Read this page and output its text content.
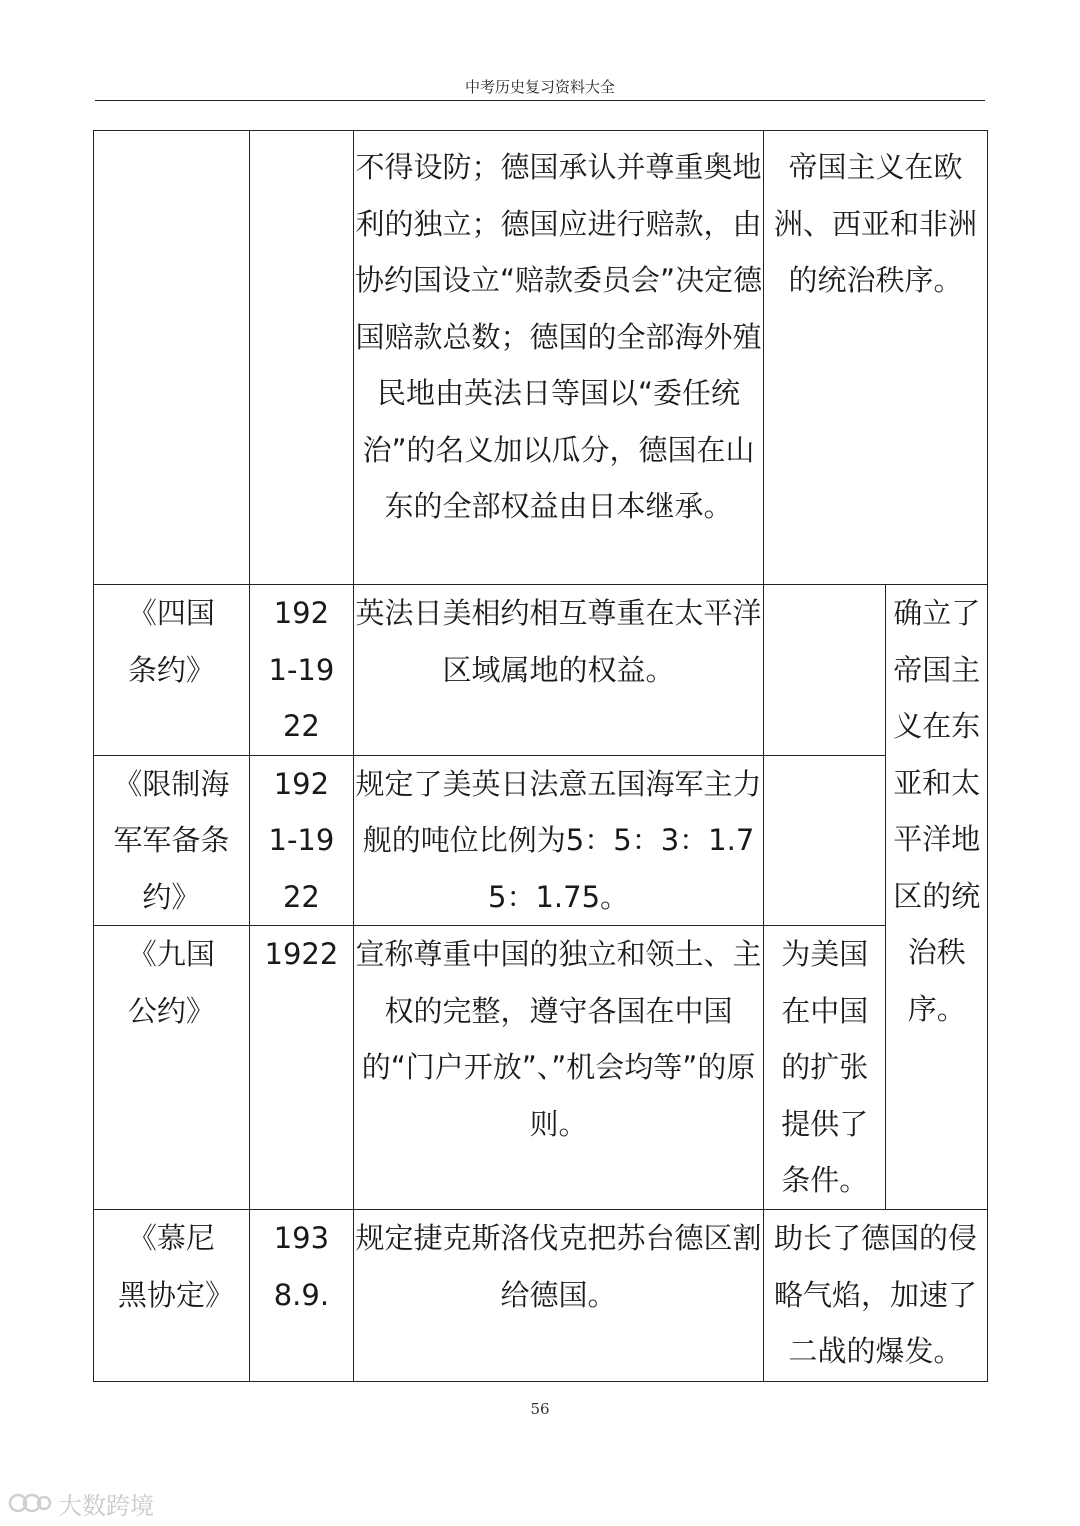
中考历史复习资料大全
		不得设防；德国承认并尊重奥地利的独立；德国应进行赔款，由协约国设立“赔款委员会”决定德国赔款总数；德国的全部海外殖民地由英法日等国以“委任统治”的名义加以瓜分，德国在山东的全部权益由日本继承。	帝国主义在欧洲、西亚和非洲的统治秩序。	
《四国条约》	1921-1922	英法日美相约相互尊重在太平洋区域属地的权益。		确立了帝国主义在东亚和太平洋地区的统治秩序。
《限制海军军备条约》	1921-1922	规定了美英日法意五国海军主力舰的吨位比例为5：5：3：1.75：1.75。		
《九国公约》	1922	宣称尊重中国的独立和领土、主权的完整，遵守各国在中国的“门户开放”、”机会均等”的原则。	为美国在中国的扩张提供了条件。	
《慕尼黑协定》	1938.9.	规定捷克斯洛伐克把苏台德区割给德国。	助长了德国的侵略气焰，加速了二战的爆发。	
56
大数跨境
